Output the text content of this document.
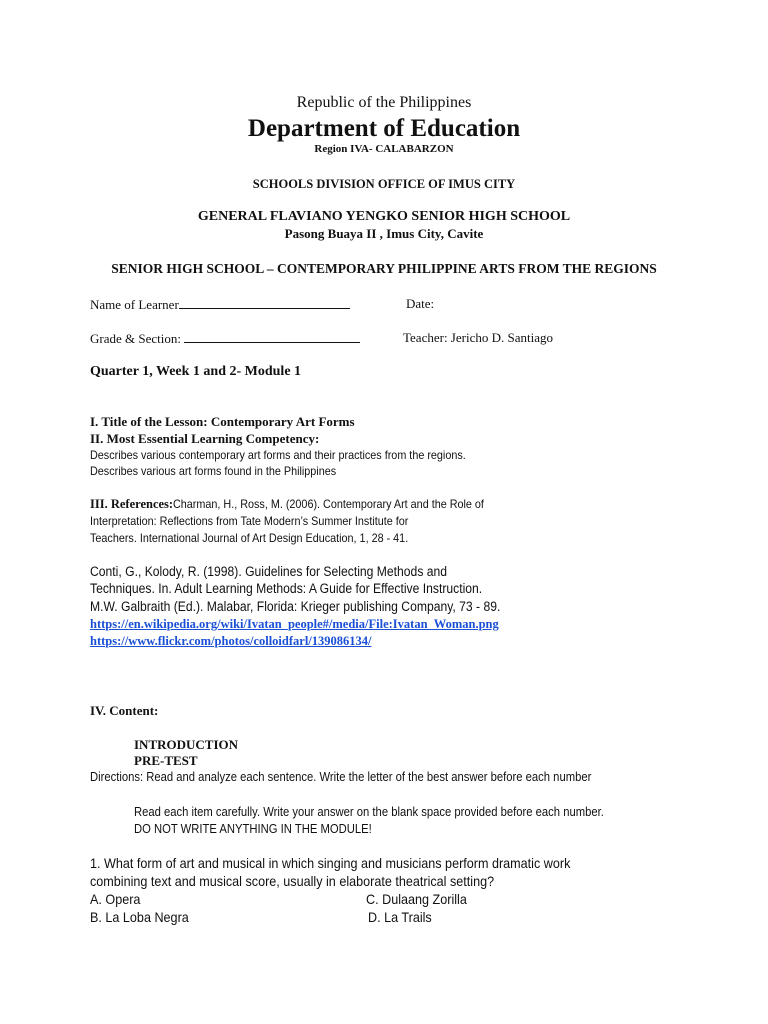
Republic of the Philippines
Department of Education
Region IVA- CALABARZON
SCHOOLS DIVISION OFFICE OF IMUS CITY
GENERAL FLAVIANO YENGKO SENIOR HIGH SCHOOL
Pasong Buaya II , Imus City, Cavite
SENIOR HIGH SCHOOL – CONTEMPORARY PHILIPPINE ARTS FROM THE REGIONS
Name of Learner	Date:
Grade & Section:	Teacher: Jericho D. Santiago
Quarter 1, Week 1 and 2- Module 1
I. Title of the Lesson: Contemporary Art Forms
II. Most Essential Learning Competency:
Describes various contemporary art forms and their practices from the regions.
Describes various art forms found in the Philippines
III. References:Charman, H., Ross, M. (2006). Contemporary Art and the Role of
Interpretation: Reflections from Tate Modern’s Summer Institute for
Teachers. International Journal of Art Design Education, 1, 28 - 41.
Conti, G., Kolody, R. (1998). Guidelines for Selecting Methods and
Techniques. In. Adult Learning Methods: A Guide for Effective Instruction.
M.W. Galbraith (Ed.). Malabar, Florida: Krieger publishing Company, 73 - 89.
https://en.wikipedia.org/wiki/Ivatan_people#/media/File:Ivatan_Woman.png
https://www.flickr.com/photos/colloidfarl/139086134/
IV. Content:
INTRODUCTION
PRE-TEST
Directions: Read and analyze each sentence. Write the letter of the best answer before each number
Read each item carefully. Write your answer on the blank space provided before each number.
DO NOT WRITE ANYTHING IN THE MODULE!
1. What form of art and musical in which singing and musicians perform dramatic work
combining text and musical score, usually in elaborate theatrical setting?
A. Opera	C. Dulaang Zorilla
B. La Loba Negra	D. La Trails
